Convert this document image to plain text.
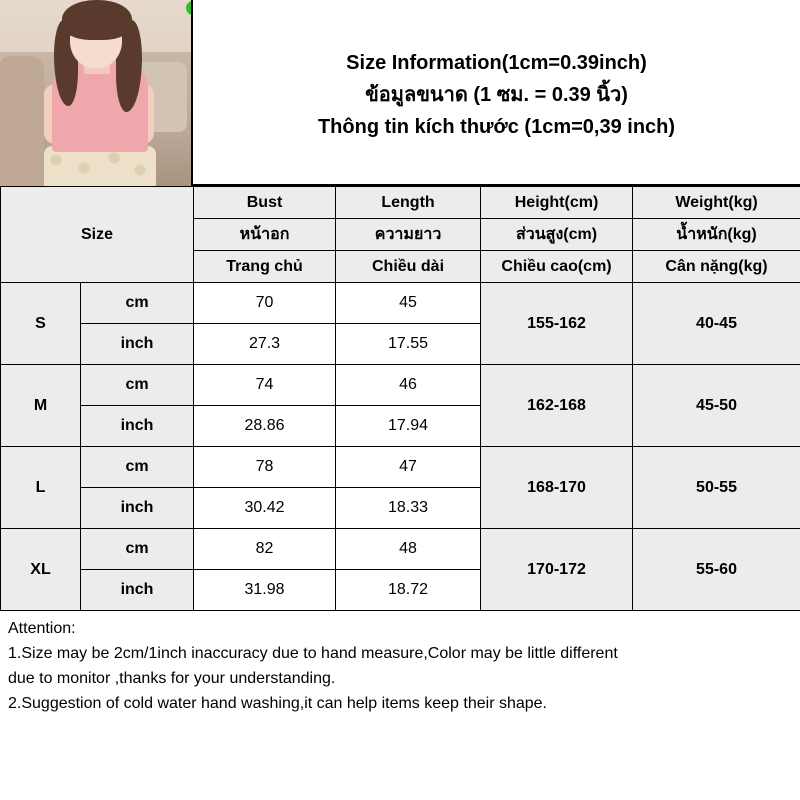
Size Information(1cm=0.39inch)
ข้อมูลขนาด (1 ซม. = 0.39 นิ้ว)
Thông tin kích thước (1cm=0,39 inch)
Size		Bust	Length	Height(cm)	Weight(kg)
		หน้าอก	ความยาว	ส่วนสูง(cm)	น้ำหนัก(kg)
		Trang chủ	Chiều dài	Chiều cao(cm)	Cân nặng(kg)
S	cm	70	45	155-162	40-45
	inch	27.3	17.55		
M	cm	74	46	162-168	45-50
	inch	28.86	17.94		
L	cm	78	47	168-170	50-55
	inch	30.42	18.33		
XL	cm	82	48	170-172	55-60
	inch	31.98	18.72		

Attention:

1.Size may be 2cm/1inch inaccuracy due to hand measure,Color may be little different

due to monitor ,thanks for your understanding.

2.Suggestion of cold water hand washing,it can help items keep their shape.
